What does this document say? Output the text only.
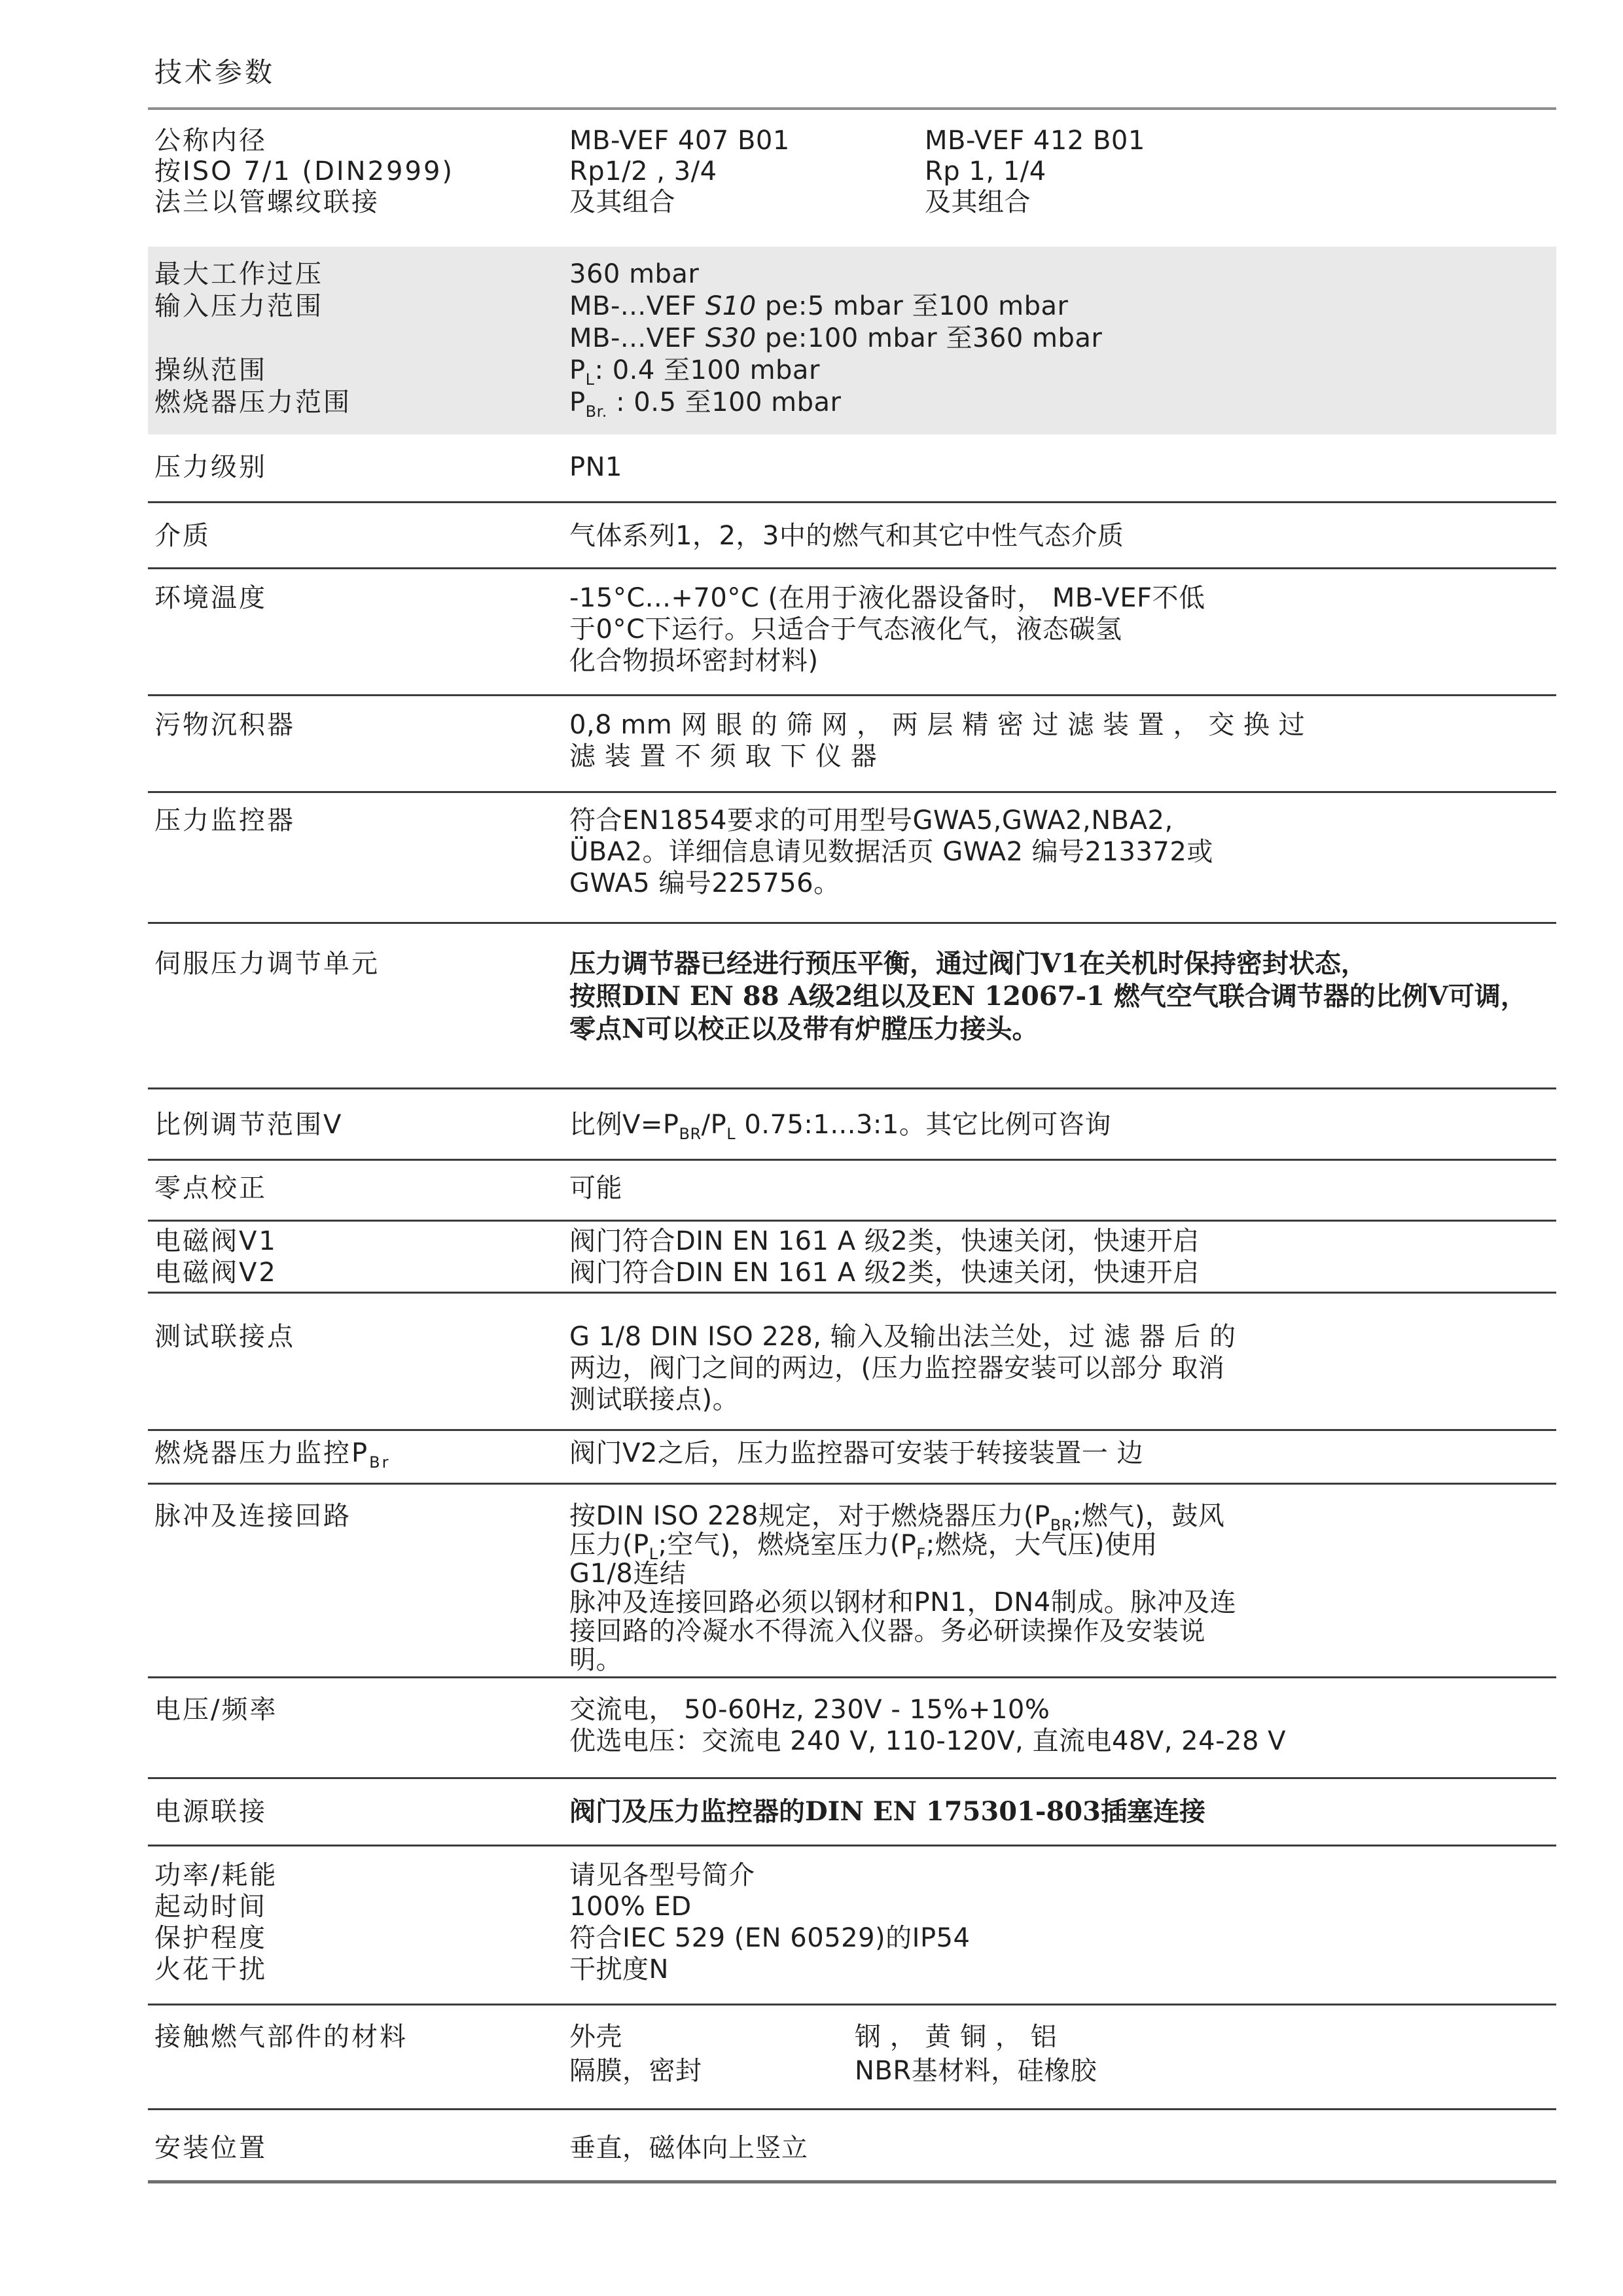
技术参数
公称内径
按ISO 7/1 (DIN2999)
法兰以管螺纹联接
MB-VEF 407 B01
Rp1/2 , 3/4
及其组合
MB-VEF 412 B01
Rp 1, 1/4
及其组合
最大工作过压
输入压力范围

操纵范围
燃烧器压力范围
360 mbar
MB-...VEF S10 pe:5 mbar 至100 mbar
MB-...VEF S30 pe:100 mbar 至360 mbar
$P_L$: 0.4 至100 mbar
$P_{Br.}$ : 0.5 至100 mbar
压力级别	PN1
介质	气体系列1，2，3中的燃气和其它中性气态介质
环境温度	-15°C...+70°C (在用于液化器设备时， MB-VEF不低
于0°C下运行。只适合于气态液化气，液态碳氢
化合物损坏密封材料)
污物沉积器	0,8 mm 网 眼 的 筛 网 ， 两 层 精 密 过 滤 装 置 ， 交 换 过
滤 装 置 不 须 取 下 仪 器
压力监控器	符合EN1854要求的可用型号GWA5,GWA2,NBA2,
ÜBA2。详细信息请见数据活页 GWA2 编号213372或
GWA5 编号225756。
伺服压力调节单元	压力调节器已经进行预压平衡，通过阀门V1在关机时保持密封状态，
按照DIN EN 88 A级2组以及EN 12067-1 燃气空气联合调节器的比例V可调，
零点N可以校正以及带有炉膛压力接头。
比例调节范围V	比例$V=P_{BR}/P_L$ 0.75:1...3:1。其它比例可咨询
零点校正	可能
电磁阀V1
电磁阀V2
阀门符合DIN EN 161 A 级2类，快速关闭，快速开启
阀门符合DIN EN 161 A 级2类，快速关闭，快速开启
测试联接点	G 1/8 DIN ISO 228, 输入及输出法兰处，过 滤 器 后 的
两边，阀门之间的两边，(压力监控器安装可以部分 取消
测试联接点)。
燃烧器压力监控$P_{Br}$	阀门V2之后，压力监控器可安装于转接装置一 边
脉冲及连接回路	按DIN ISO 228规定，对于燃烧器压力($P_{BR}$;燃气)，鼓风
压力($P_L$;空气)，燃烧室压力($P_F$;燃烧，大气压)使用
G1/8连结
脉冲及连接回路必须以钢材和PN1，DN4制成。脉冲及连
接回路的冷凝水不得流入仪器。务必研读操作及安装说
明。
电压/频率	交流电， 50-60Hz, 230V - 15%+10%
优选电压：交流电 240 V, 110-120V, 直流电48V, 24-28 V
电源联接	阀门及压力监控器的DIN EN 175301-803插塞连接
功率/耗能
起动时间
保护程度
火花干扰
请见各型号简介
100% ED
符合IEC 529 (EN 60529)的IP54
干扰度N
接触燃气部件的材料	外壳
隔膜，密封
钢 ， 黄 铜 ， 铝
NBR基材料，硅橡胶
安装位置	垂直，磁体向上竖立
